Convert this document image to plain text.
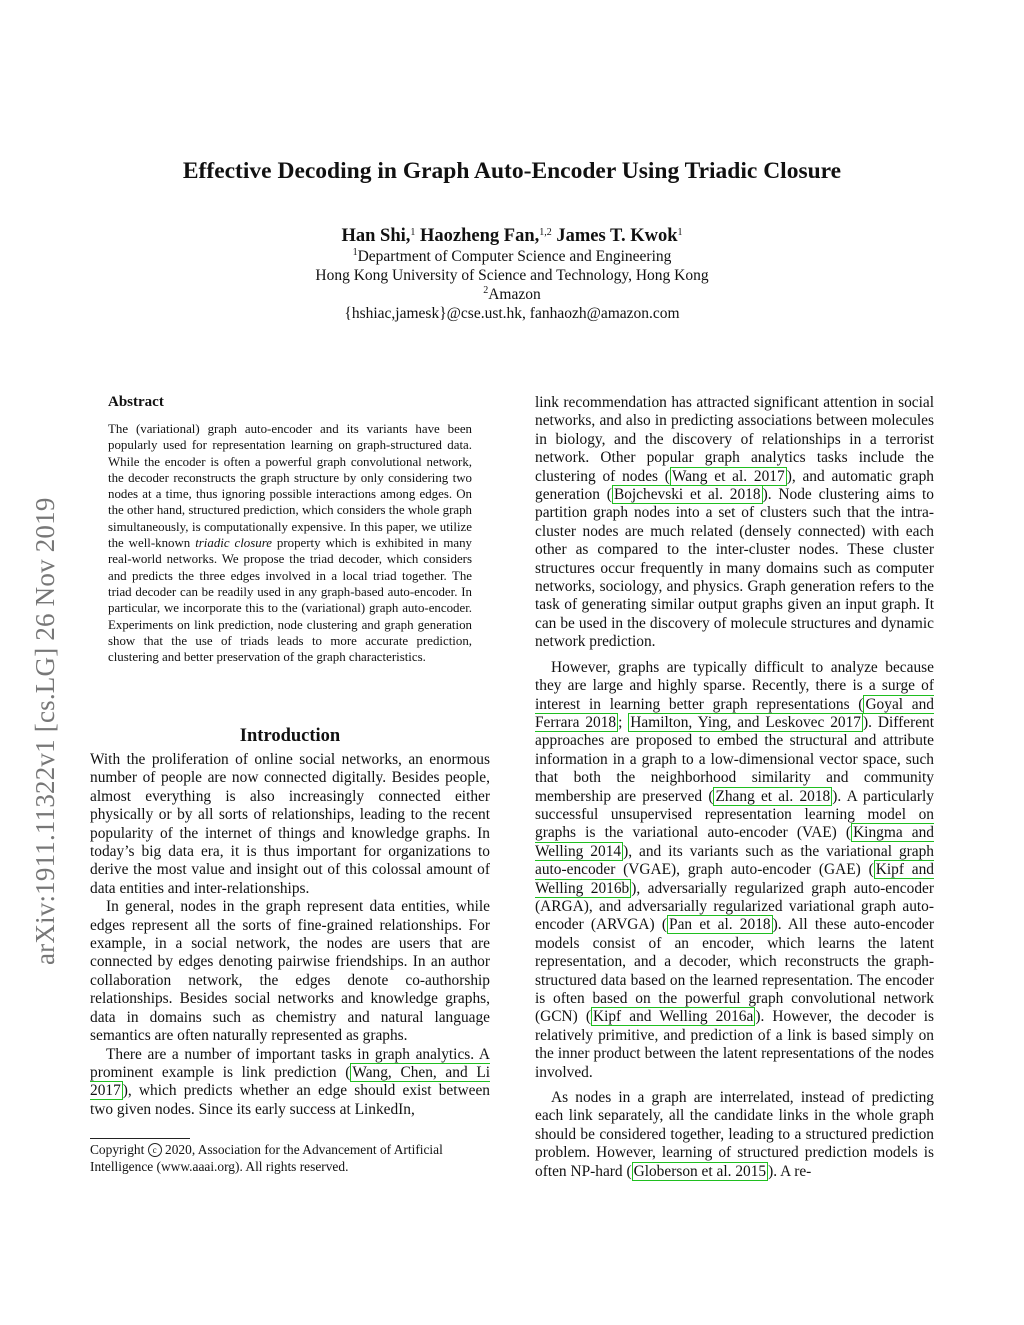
arXiv:1911.11322v1 [cs.LG] 26 Nov 2019
Effective Decoding in Graph Auto-Encoder Using Triadic Closure
Han Shi,$^1$ Haozheng Fan,$^{1,2}$ James T. Kwok$^1$
$^1$Department of Computer Science and Engineering
Hong Kong University of Science and Technology, Hong Kong
$^2$Amazon
{hshiac,jamesk}@cse.ust.hk, fanhaozh@amazon.com
Abstract
The (variational) graph auto-encoder and its variants have been popularly used for representation learning on graph-structured data. While the encoder is often a powerful graph convolutional network, the decoder reconstructs the graph structure by only considering two nodes at a time, thus ignoring possible interactions among edges. On the other hand, structured prediction, which considers the whole graph simultaneously, is computationally expensive. In this paper, we utilize the well-known triadic closure property which is exhibited in many real-world networks. We propose the triad decoder, which considers and predicts the three edges involved in a local triad together. The triad decoder can be readily used in any graph-based auto-encoder. In particular, we incorporate this to the (variational) graph auto-encoder. Experiments on link prediction, node clustering and graph generation show that the use of triads leads to more accurate prediction, clustering and better preservation of the graph characteristics.
Introduction

With the proliferation of online social networks, an enormous number of people are now connected digitally. Besides people, almost everything is also increasingly connected either physically or by all sorts of relationships, leading to the recent popularity of the internet of things and knowledge graphs. In today’s big data era, it is thus important for organizations to derive the most value and insight out of this colossal amount of data entities and inter-relationships.

In general, nodes in the graph represent data entities, while edges represent all the sorts of fine-grained relationships. For example, in a social network, the nodes are users that are connected by edges denoting pairwise friendships. In an author collaboration network, the edges denote co-authorship relationships. Besides social networks and knowledge graphs, data in domains such as chemistry and natural language semantics are often naturally represented as graphs.

There are a number of important tasks in graph analytics. A prominent example is link prediction ( Wang, Chen, and Li 2017 ), which predicts whether an edge should exist between two given nodes. Since its early success at LinkedIn,

Copyright c 2020, Association for the Advancement of Artificial Intelligence (www.aaai.org). All rights reserved.

link recommendation has attracted significant attention in social networks, and also in predicting associations between molecules in biology, and the discovery of relationships in a terrorist network. Other popular graph analytics tasks include the clustering of nodes ( Wang et al. 2017 ), and automatic graph generation ( Bojchevski et al. 2018 ). Node clustering aims to partition graph nodes into a set of clusters such that the intra-cluster nodes are much related (densely connected) with each other as compared to the inter-cluster nodes. These cluster structures occur frequently in many domains such as computer networks, sociology, and physics. Graph generation refers to the task of generating similar output graphs given an input graph. It can be used in the discovery of molecule structures and dynamic network prediction.

However, graphs are typically difficult to analyze because they are large and highly sparse. Recently, there is a surge of interest in learning better graph representations ( Goyal and Ferrara 2018 ; Hamilton, Ying, and Leskovec 2017 ). Different approaches are proposed to embed the structural and attribute information in a graph to a low-dimensional vector space, such that both the neighborhood similarity and community membership are preserved ( Zhang et al. 2018 ). A particularly successful unsupervised representation learning model on graphs is the variational auto-encoder (VAE) ( Kingma and Welling 2014 ), and its variants such as the variational graph auto-encoder (VGAE), graph auto-encoder (GAE) ( Kipf and Welling 2016b ), adversarially regularized graph auto-encoder (ARGA), and adversarially regularized variational graph auto-encoder (ARVGA) ( Pan et al. 2018 ). All these auto-encoder models consist of an encoder, which learns the latent representation, and a decoder, which reconstructs the graph-structured data based on the learned representation. The encoder is often based on the powerful graph convolutional network (GCN) ( Kipf and Welling 2016a ). However, the decoder is relatively primitive, and prediction of a link is based simply on the inner product between the latent representations of the nodes involved.

As nodes in a graph are interrelated, instead of predicting each link separately, all the candidate links in the whole graph should be considered together, leading to a structured prediction problem. However, learning of structured prediction models is often NP-hard ( Globerson et al. 2015 ). A re-
